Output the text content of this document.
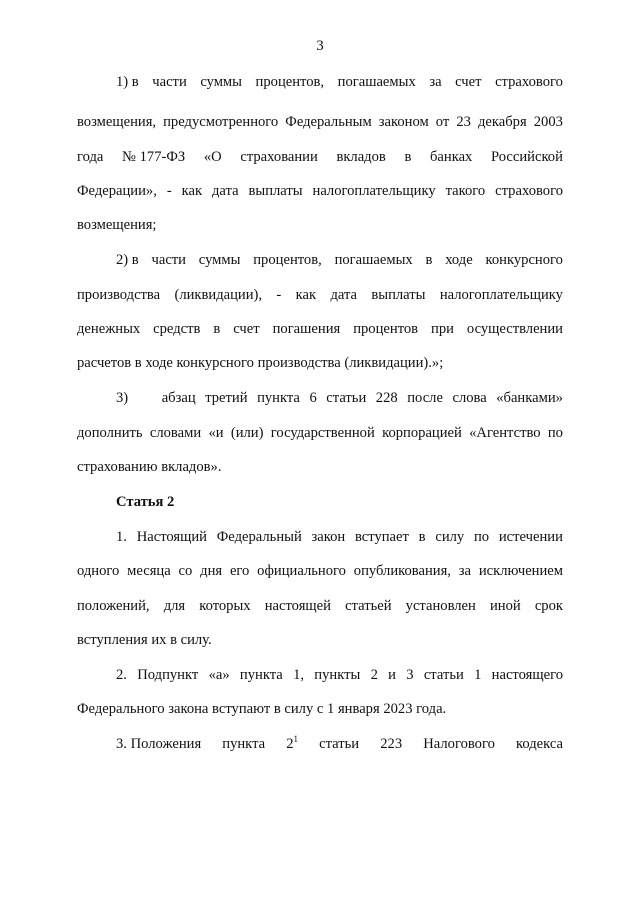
3
1) в части суммы процентов, погашаемых за счет страхового
возмещения, предусмотренного Федеральным законом от 23 декабря 2003
года № 177-ФЗ «О страховании вкладов в банках Российской
Федерации», - как дата выплаты налогоплательщику такого страхового
возмещения;
2) в части суммы процентов, погашаемых в ходе конкурсного
производства (ликвидации), - как дата выплаты налогоплательщику
денежных средств в счет погашения процентов при осуществлении
расчетов в ходе конкурсного производства (ликвидации).»;
3) абзац третий пункта 6 статьи 228 после слова «банками»
дополнить словами «и (или) государственной корпорацией «Агентство по
страхованию вкладов».
Статья 2
1. Настоящий Федеральный закон вступает в силу по истечении
одного месяца со дня его официального опубликования, за исключением
положений, для которых настоящей статьей установлен иной срок
вступления их в силу.
2. Подпункт «а» пункта 1, пункты 2 и 3 статьи 1 настоящего
Федерального закона вступают в силу с 1 января 2023 года.
3. Положения пункта $2^1$ статьи 223 Налогового кодекса
